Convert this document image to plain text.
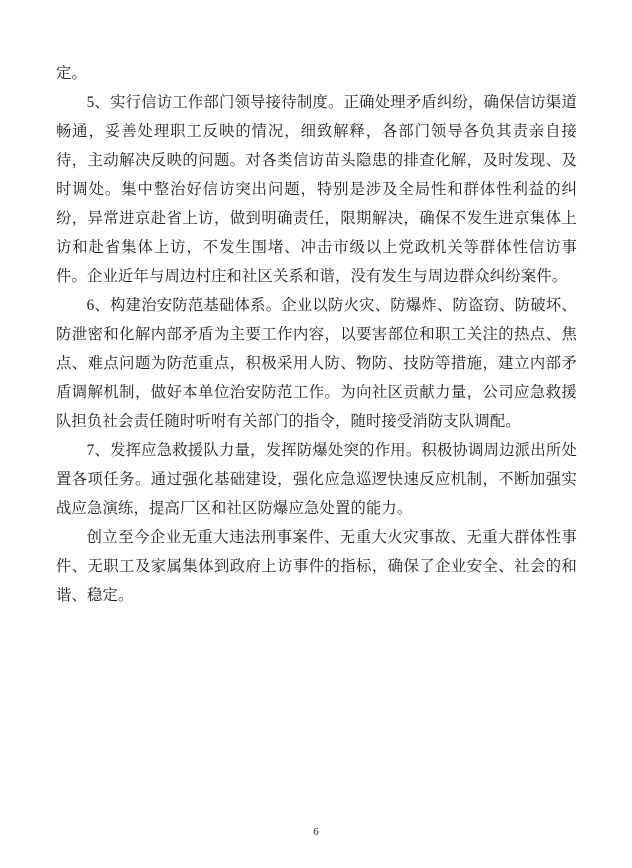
定。

5、实行信访工作部门领导接待制度。正确处理矛盾纠纷，确保信访渠道畅通，妥善处理职工反映的情况，细致解释，各部门领导各负其责亲自接待，主动解决反映的问题。对各类信访苗头隐患的排查化解，及时发现、及时调处。集中整治好信访突出问题，特别是涉及全局性和群体性利益的纠纷，异常进京赴省上访，做到明确责任，限期解决，确保不发生进京集体上访和赴省集体上访，不发生围堵、冲击市级以上党政机关等群体性信访事件。企业近年与周边村庄和社区关系和谐，没有发生与周边群众纠纷案件。

6、构建治安防范基础体系。企业以防火灾、防爆炸、防盗窃、防破坏、防泄密和化解内部矛盾为主要工作内容，以要害部位和职工关注的热点、焦点、难点问题为防范重点，积极采用人防、物防、技防等措施，建立内部矛盾调解机制，做好本单位治安防范工作。为向社区贡献力量，公司应急救援队担负社会责任随时听咐有关部门的指令，随时接受消防支队调配。

7、发挥应急救援队力量，发挥防爆处突的作用。积极协调周边派出所处置各项任务。通过强化基础建设，强化应急巡逻快速反应机制，不断加强实战应急演练，提高厂区和社区防爆应急处置的能力。

创立至今企业无重大违法刑事案件、无重大火灾事故、无重大群体性事件、无职工及家属集体到政府上访事件的指标，确保了企业安全、社会的和谐、稳定。

6
